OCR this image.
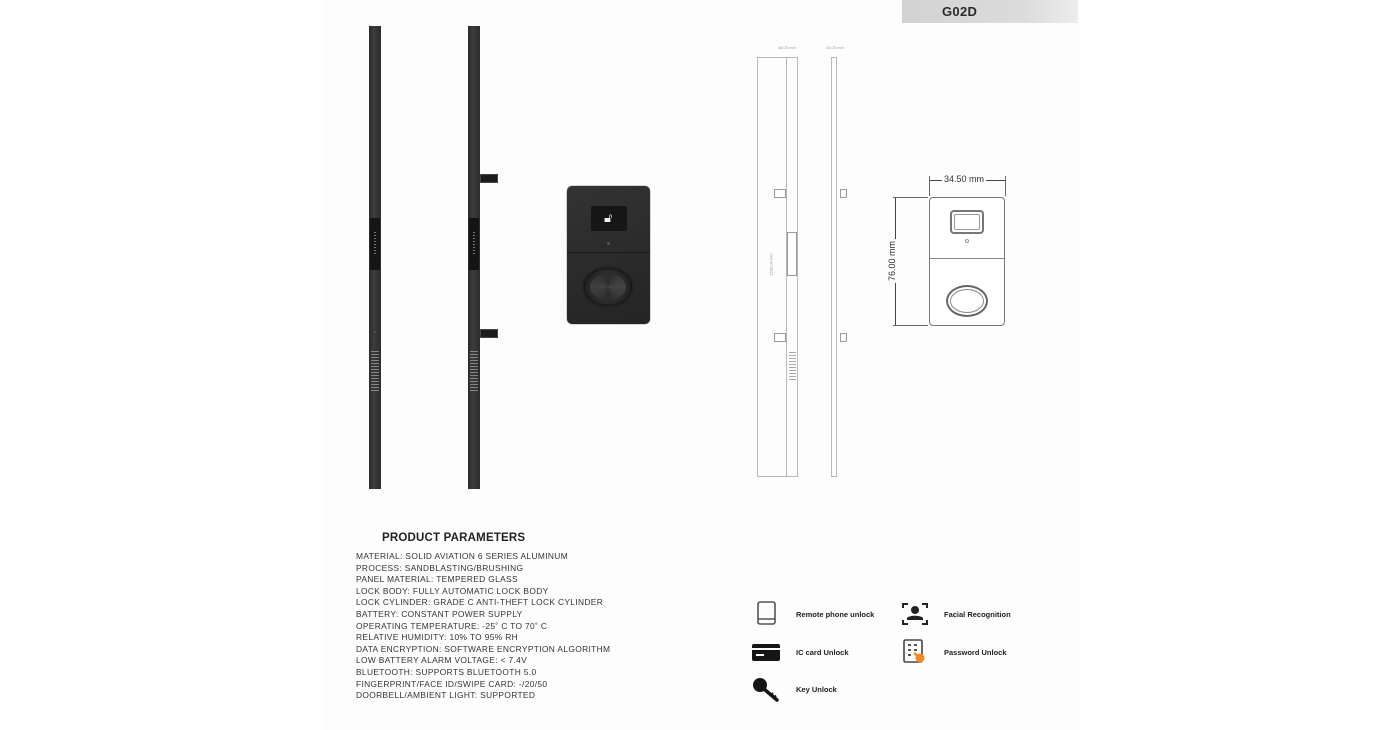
G02D
🔓︎
48.00 mm	24.00 mm
1500.00 mm
34.50 mm
76.00 mm
PRODUCT PARAMETERS
MATERIAL: SOLID AVIATION 6 SERIES ALUMINUM
PROCESS: SANDBLASTING/BRUSHING
PANEL MATERIAL: TEMPERED GLASS
LOCK BODY: FULLY AUTOMATIC LOCK BODY
LOCK CYLINDER: GRADE C ANTI-THEFT LOCK CYLINDER
BATTERY: CONSTANT POWER SUPPLY
OPERATING TEMPERATURE: -25˚ C TO 70˚ C
RELATIVE HUMIDITY: 10% TO 95% RH
DATA ENCRYPTION: SOFTWARE ENCRYPTION ALGORITHM
LOW BATTERY ALARM VOLTAGE: < 7.4V
BLUETOOTH: SUPPORTS BLUETOOTH 5.0
FINGERPRINT/FACE ID/SWIPE CARD: -/20/50
DOORBELL/AMBIENT LIGHT: SUPPORTED
Remote phone unlock	Facial Recognition
IC card Unlock	Password Unlock
Key Unlock
